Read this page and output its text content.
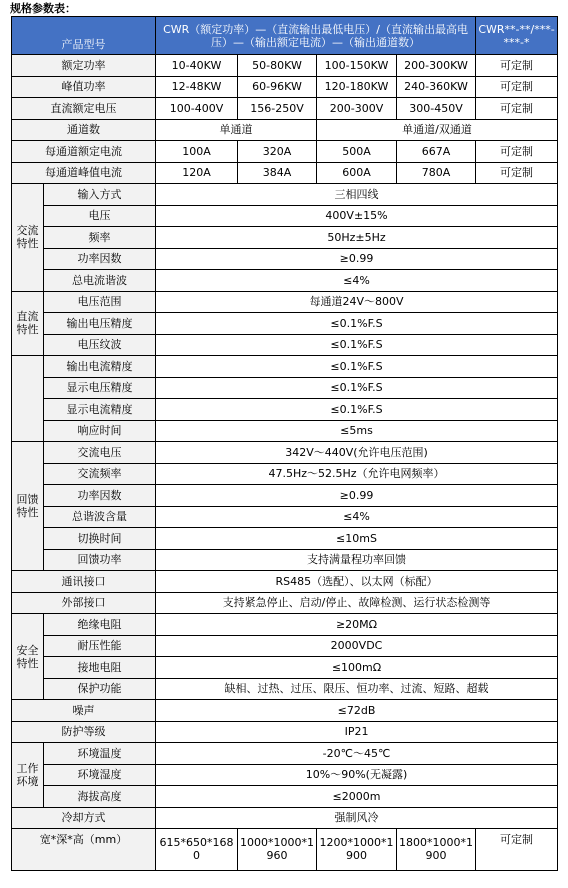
规格参数表：
产品型号		CWR（额定功率）—（直流输出最低电压）/（直流输出最高电压）—（输出额定电流）—（输出通道数）				CWR**-**/***-***-*
额定功率		10-40KW	50-80KW	100-150KW	200-300KW	可定制
峰值功率		12-48KW	60-96KW	120-180KW	240-360KW	可定制
直流额定电压		100-400V	156-250V	200-300V	300-450V	可定制
通道数		单通道		单通道/双通道		
每通道额定电流		100A	320A	500A	667A	可定制
每通道峰值电流		120A	384A	600A	780A	可定制
交流特性	输入方式	三相四线				
	电压	400V±15%				
	频率	50Hz±5Hz				
	功率因数	≥0.99				
	总电流谐波	≤4%				
直流特性	电压范围	每通道24V～800V				
	输出电压精度	≤0.1%F.S				
	电压纹波	≤0.1%F.S				
	输出电流精度	≤0.1%F.S				
	显示电压精度	≤0.1%F.S				
	显示电流精度	≤0.1%F.S				
	响应时间	≤5ms				
回馈特性	交流电压	342V～440V(允许电压范围)				
	交流频率	47.5Hz～52.5Hz（允许电网频率）				
	功率因数	≥0.99				
	总谐波含量	≤4%				
	切换时间	≤10mS				
	回馈功率	支持满量程功率回馈				
通讯接口		RS485（选配）、以太网（标配）				
外部接口		支持紧急停止、启动/停止、故障检测、运行状态检测等				
安全特性	绝缘电阻	≥20MΩ				
	耐压性能	2000VDC				
	接地电阻	≤100mΩ				
	保护功能	缺相、过热、过压、限压、恒功率、过流、短路、超载				
噪声		≤72dB				
防护等级		IP21				
工作环境	环境温度	-20℃～45℃				
	环境湿度	10%～90%(无凝露)				
	海拔高度	≤2000m				
冷却方式		强制风冷				
宽*深*高（mm）		615*650*1680	1000*1000*1960	1200*1000*1900	1800*1000*1900	可定制
